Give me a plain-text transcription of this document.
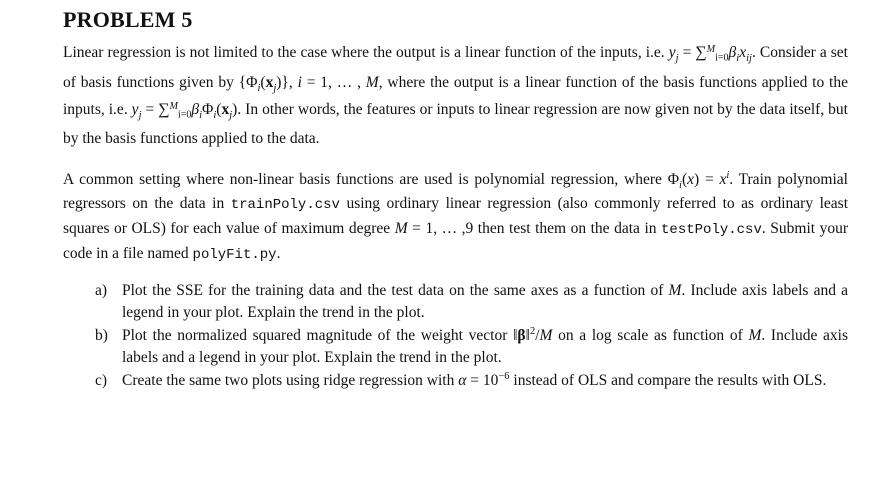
PROBLEM 5

Linear regression is not limited to the case where the output is a linear function of the inputs, i.e. $y_j = \sum^M_{i=0}\beta_ix_{ij}$. Consider a set of basis functions given by $\{\Phi_i(x_j)\}$, i = 1, … , M, where the output is a linear function of the basis functions applied to the inputs, i.e. $y_j = \sum^M_{i=0}\beta_i\Phi_i(x_j)$. In other words, the features or inputs to linear regression are now given not by the data itself, but by the basis functions applied to the data.

A common setting where non-linear basis functions are used is polynomial regression, where $\Phi_i(x) = x^i$. Train polynomial regressors on the data in trainPoly.csv using ordinary linear regression (also commonly referred to as ordinary least squares or OLS) for each value of maximum degree M = 1, … ,9 then test them on the data in testPoly.csv. Submit your code in a file named polyFit.py.

a) Plot the SSE for the training data and the test data on the same axes as a function of M. Include axis labels and a legend in your plot. Explain the trend in the plot.
b) Plot the normalized squared magnitude of the weight vector ‖β‖$^2$/M on a log scale as function of M. Include axis labels and a legend in your plot. Explain the trend in the plot.
c) Create the same two plots using ridge regression with $\alpha = 10^{-6}$ instead of OLS and compare the results with OLS.
